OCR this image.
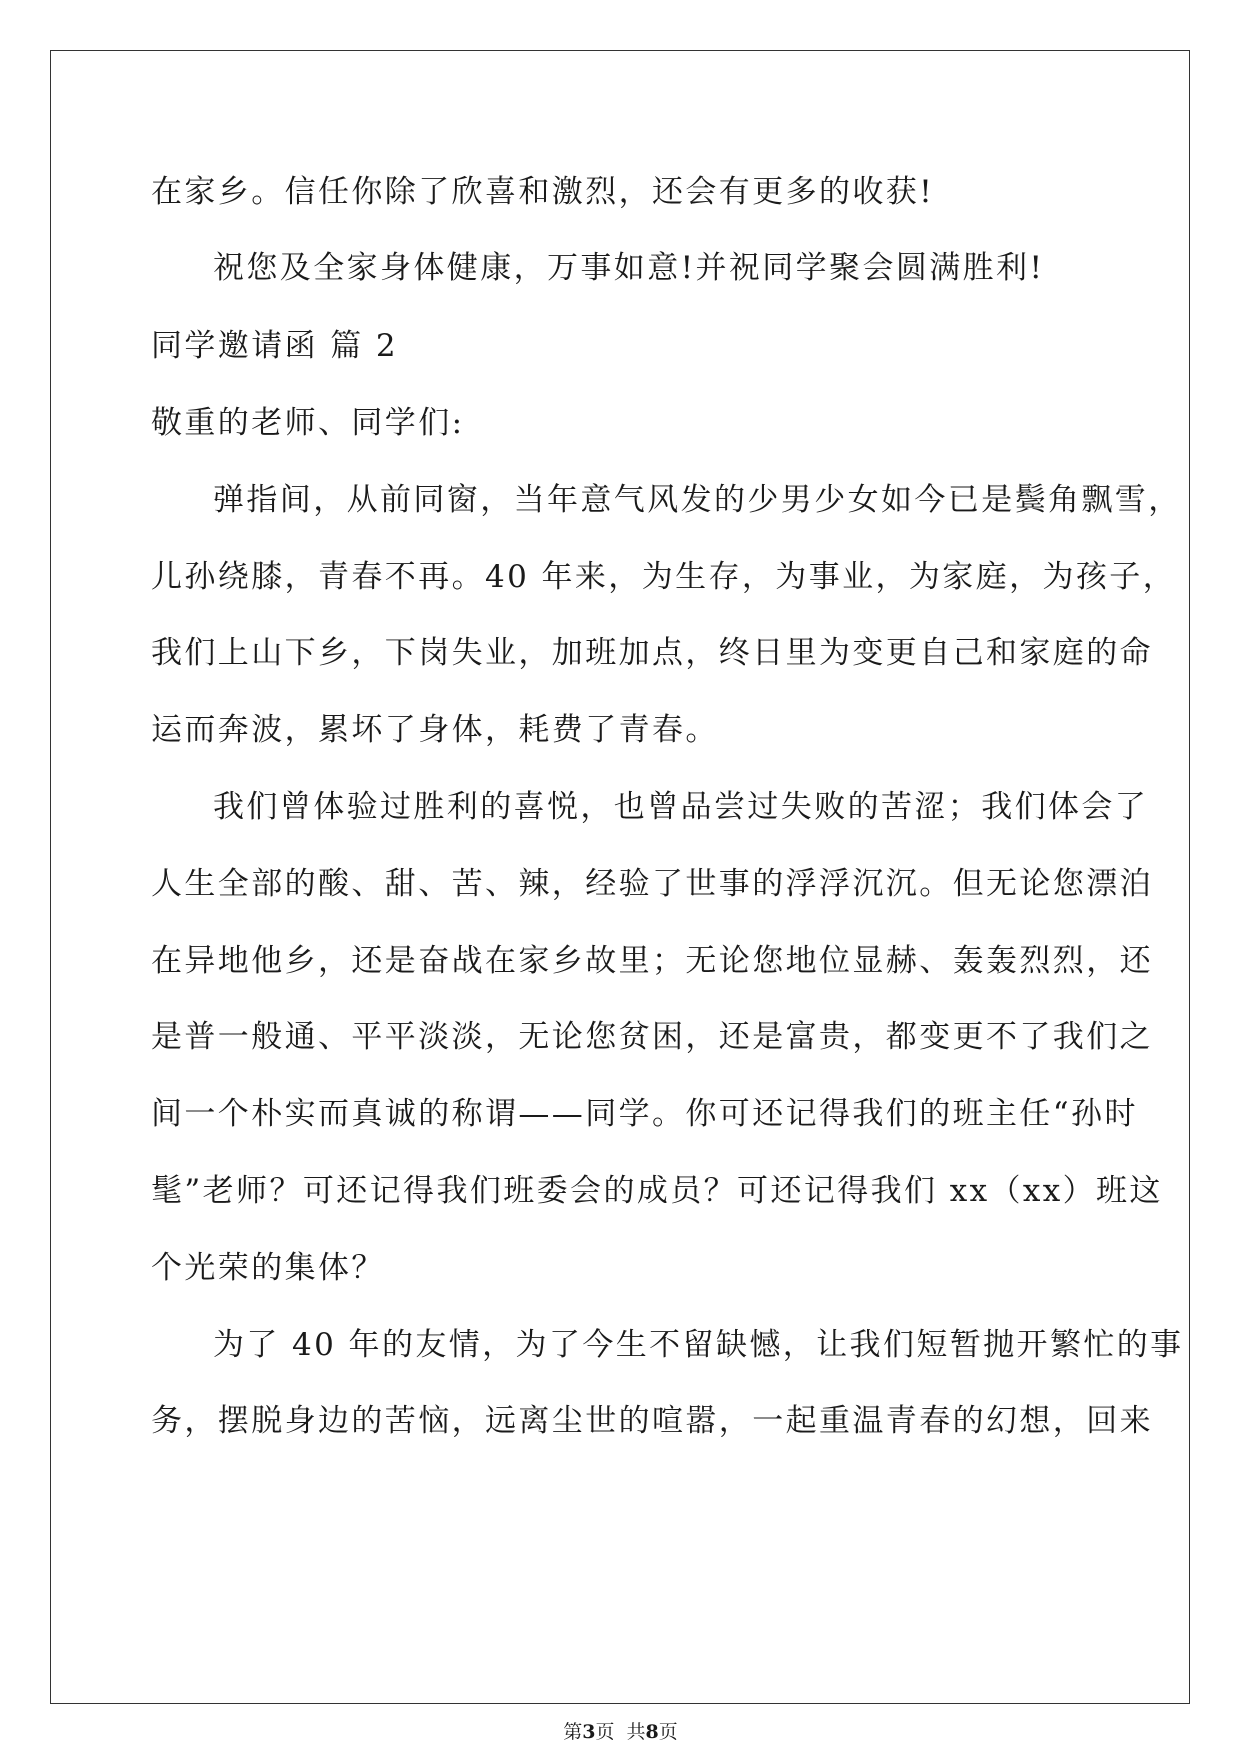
在家乡。信任你除了欣喜和激烈，还会有更多的收获!
祝您及全家身体健康，万事如意!并祝同学聚会圆满胜利!
同学邀请函 篇 2
敬重的老师、同学们:
弹指间，从前同窗，当年意气风发的少男少女如今已是鬓角飘雪，
儿孙绕膝，青春不再。40 年来，为生存，为事业，为家庭，为孩子，
我们上山下乡，下岗失业，加班加点，终日里为变更自己和家庭的命
运而奔波，累坏了身体，耗费了青春。
我们曾体验过胜利的喜悦，也曾品尝过失败的苦涩；我们体会了
人生全部的酸、甜、苦、辣，经验了世事的浮浮沉沉。但无论您漂泊
在异地他乡，还是奋战在家乡故里；无论您地位显赫、轰轰烈烈，还
是普一般通、平平淡淡，无论您贫困，还是富贵，都变更不了我们之
间一个朴实而真诚的称谓——同学。你可还记得我们的班主任“孙时
髦”老师？可还记得我们班委会的成员？可还记得我们 xx（xx）班这
个光荣的集体？
为了 40 年的友情，为了今生不留缺憾，让我们短暂抛开繁忙的事
务，摆脱身边的苦恼，远离尘世的喧嚣，一起重温青春的幻想，回来
第3页  共8页
